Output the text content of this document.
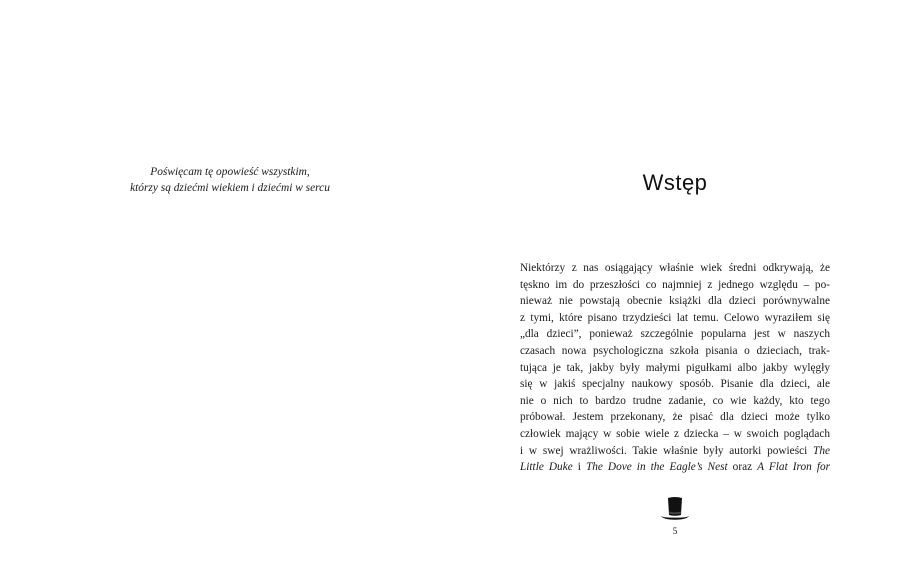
Poświęcam tę opowieść wszystkim,
którzy są dziećmi wiekiem i dziećmi w sercu	Wstęp
Niektórzy z nas osiągający właśnie wiek średni odkrywają, że
tęskno im do przeszłości co najmniej z jednego względu – po-
nieważ nie powstają obecnie książki dla dzieci porównywalne
z tymi, które pisano trzydzieści lat temu. Celowo wyraziłem się
„dla dzieci”, ponieważ szczególnie popularna jest w naszych
czasach nowa psychologiczna szkoła pisania o dzieciach, trak-
tująca je tak, jakby były małymi pigułkami albo jakby wylęgły
się w jakiś specjalny naukowy sposób. Pisanie dla dzieci, ale
nie o nich to bardzo trudne zadanie, co wie każdy, kto tego
próbował. Jestem przekonany, że pisać dla dzieci może tylko
człowiek mający w sobie wiele z dziecka – w swoich poglądach
i w swej wrażliwości. Takie właśnie były autorki powieści The
Little Duke i The Dove in the Eagle’s Nest oraz A Flat Iron for
5
